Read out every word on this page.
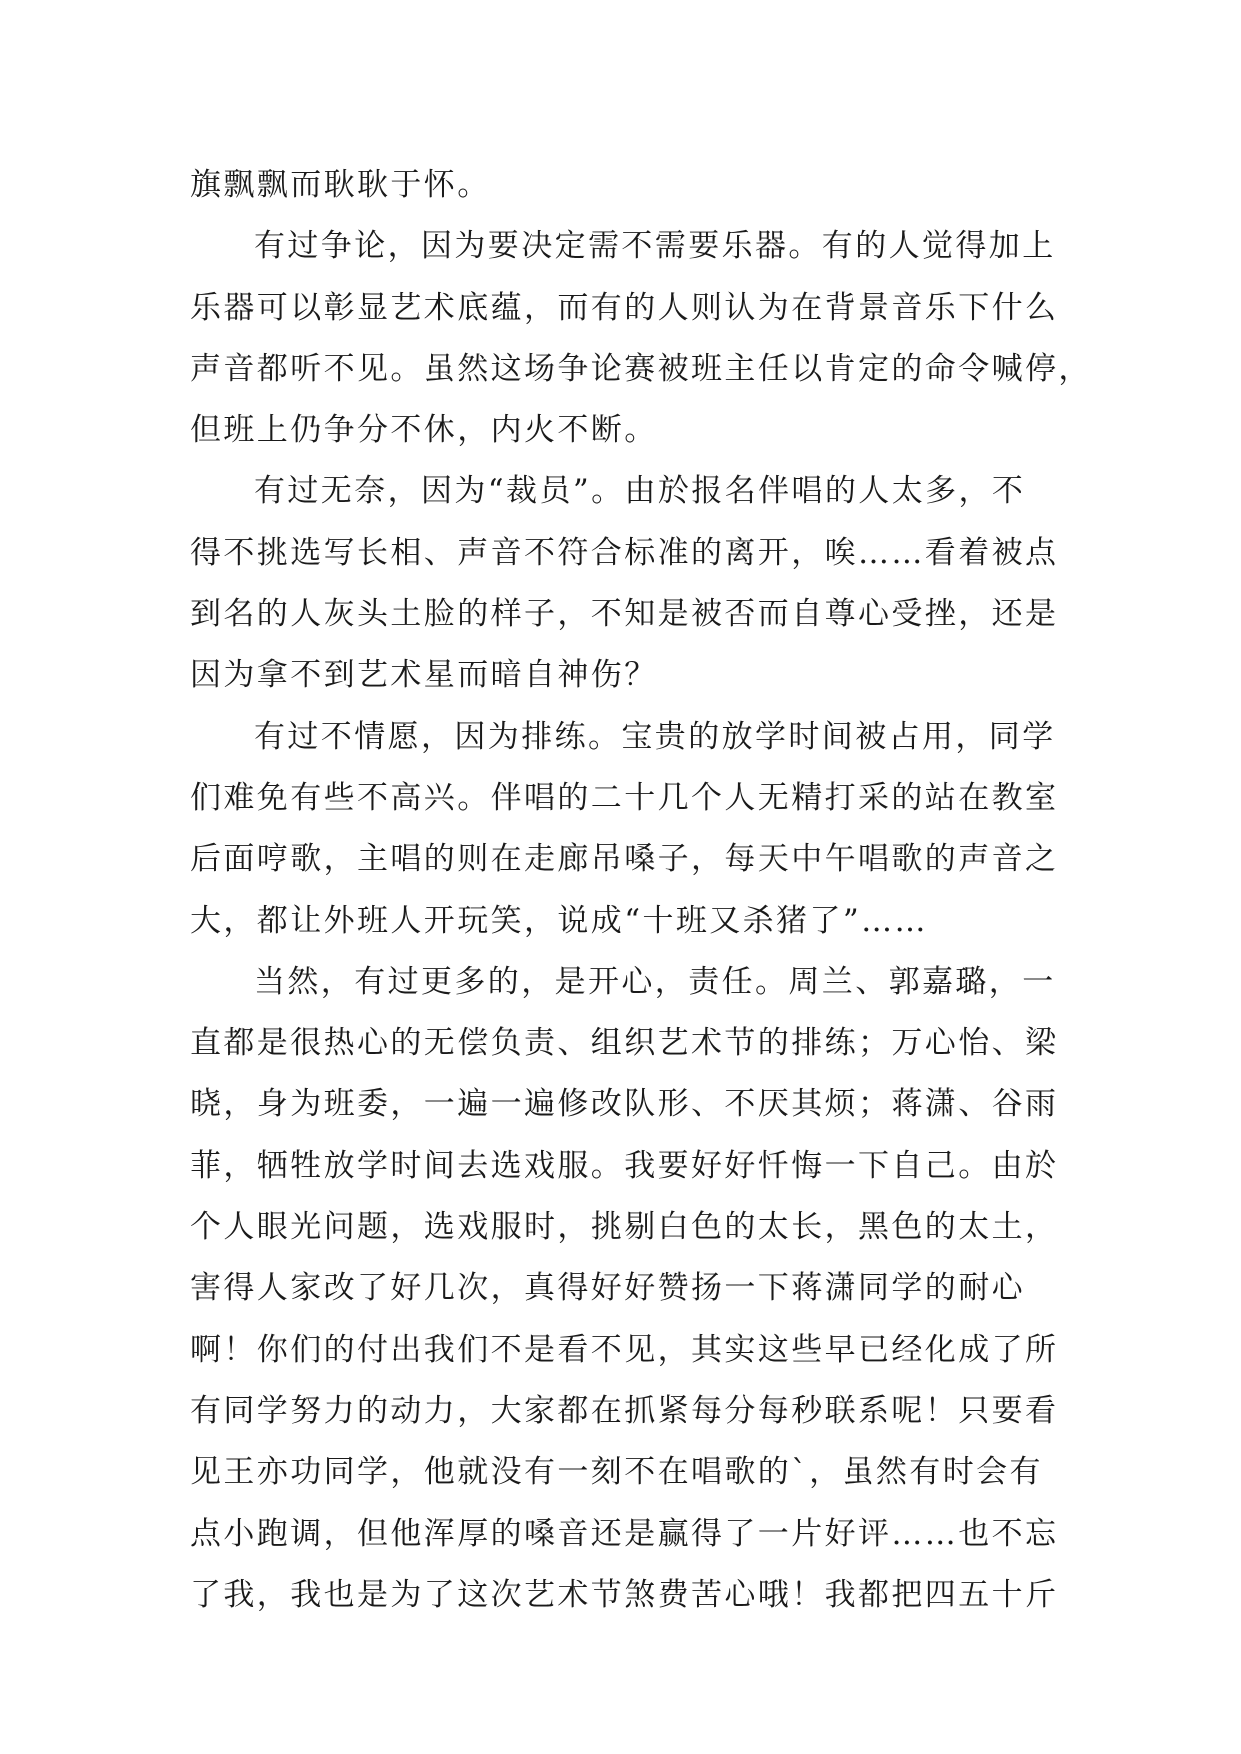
旗飘飘而耿耿于怀。
有过争论，因为要决定需不需要乐器。有的人觉得加上
乐器可以彰显艺术底蕴，而有的人则认为在背景音乐下什么
声音都听不见。虽然这场争论赛被班主任以肯定的命令喊停，
但班上仍争分不休，内火不断。
有过无奈，因为“裁员”。由於报名伴唱的人太多，不
得不挑选写长相、声音不符合标准的离开，唉……看着被点
到名的人灰头土脸的样子，不知是被否而自尊心受挫，还是
因为拿不到艺术星而暗自神伤？
有过不情愿，因为排练。宝贵的放学时间被占用，同学
们难免有些不高兴。伴唱的二十几个人无精打采的站在教室
后面哼歌，主唱的则在走廊吊嗓子，每天中午唱歌的声音之
大，都让外班人开玩笑，说成“十班又杀猪了”……
当然，有过更多的，是开心，责任。周兰、郭嘉璐，一
直都是很热心的无偿负责、组织艺术节的排练；万心怡、梁
晓，身为班委，一遍一遍修改队形、不厌其烦；蒋潇、谷雨
菲，牺牲放学时间去选戏服。我要好好忏悔一下自己。由於
个人眼光问题，选戏服时，挑剔白色的太长，黑色的太土，
害得人家改了好几次，真得好好赞扬一下蒋潇同学的耐心
啊！你们的付出我们不是看不见，其实这些早已经化成了所
有同学努力的动力，大家都在抓紧每分每秒联系呢！只要看
见王亦功同学，他就没有一刻不在唱歌的`，虽然有时会有
点小跑调，但他浑厚的嗓音还是赢得了一片好评……也不忘
了我，我也是为了这次艺术节煞费苦心哦！我都把四五十斤
